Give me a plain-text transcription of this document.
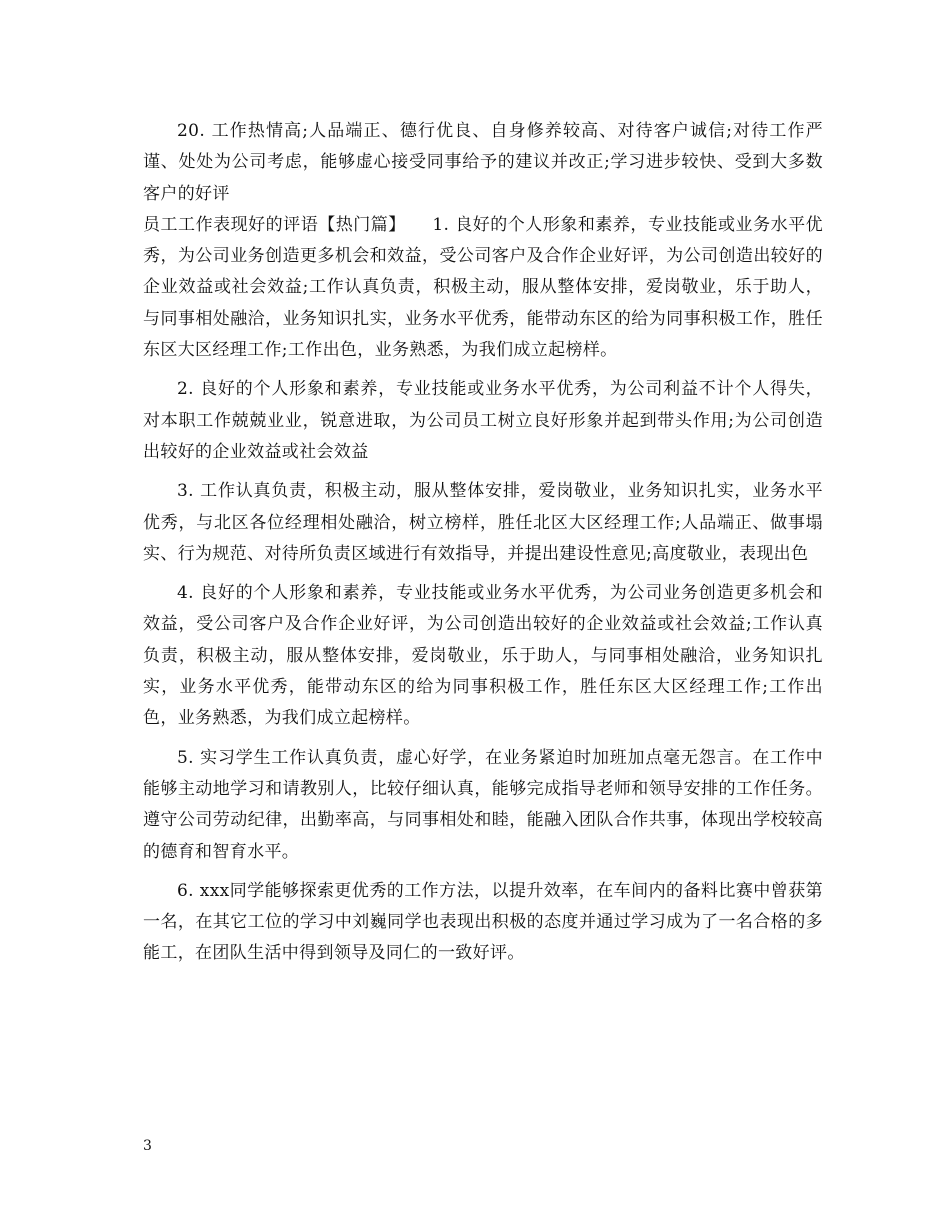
20. 工作热情高;人品端正、德行优良、自身修养较高、对待客户诚信;对待工作严谨、处处为公司考虑，能够虚心接受同事给予的建议并改正;学习进步较快、受到大多数客户的好评

员工工作表现好的评语【热门篇】　　1. 良好的个人形象和素养，专业技能或业务水平优秀，为公司业务创造更多机会和效益，受公司客户及合作企业好评，为公司创造出较好的企业效益或社会效益;工作认真负责，积极主动，服从整体安排，爱岗敬业，乐于助人，与同事相处融洽，业务知识扎实，业务水平优秀，能带动东区的给为同事积极工作，胜任东区大区经理工作;工作出色，业务熟悉，为我们成立起榜样。

2. 良好的个人形象和素养，专业技能或业务水平优秀，为公司利益不计个人得失，对本职工作兢兢业业，锐意进取，为公司员工树立良好形象并起到带头作用;为公司创造出较好的企业效益或社会效益

3. 工作认真负责，积极主动，服从整体安排，爱岗敬业，业务知识扎实，业务水平优秀，与北区各位经理相处融洽，树立榜样，胜任北区大区经理工作;人品端正、做事塌实、行为规范、对待所负责区域进行有效指导，并提出建设性意见;高度敬业，表现出色

4. 良好的个人形象和素养，专业技能或业务水平优秀，为公司业务创造更多机会和效益，受公司客户及合作企业好评，为公司创造出较好的企业效益或社会效益;工作认真负责，积极主动，服从整体安排，爱岗敬业，乐于助人，与同事相处融洽，业务知识扎实，业务水平优秀，能带动东区的给为同事积极工作，胜任东区大区经理工作;工作出色，业务熟悉，为我们成立起榜样。

5. 实习学生工作认真负责，虚心好学，在业务紧迫时加班加点毫无怨言。在工作中能够主动地学习和请教别人，比较仔细认真，能够完成指导老师和领导安排的工作任务。遵守公司劳动纪律，出勤率高，与同事相处和睦，能融入团队合作共事，体现出学校较高的德育和智育水平。

6. xxx同学能够探索更优秀的工作方法，以提升效率，在车间内的备料比赛中曾获第一名，在其它工位的学习中刘巍同学也表现出积极的态度并通过学习成为了一名合格的多能工，在团队生活中得到领导及同仁的一致好评。

3
